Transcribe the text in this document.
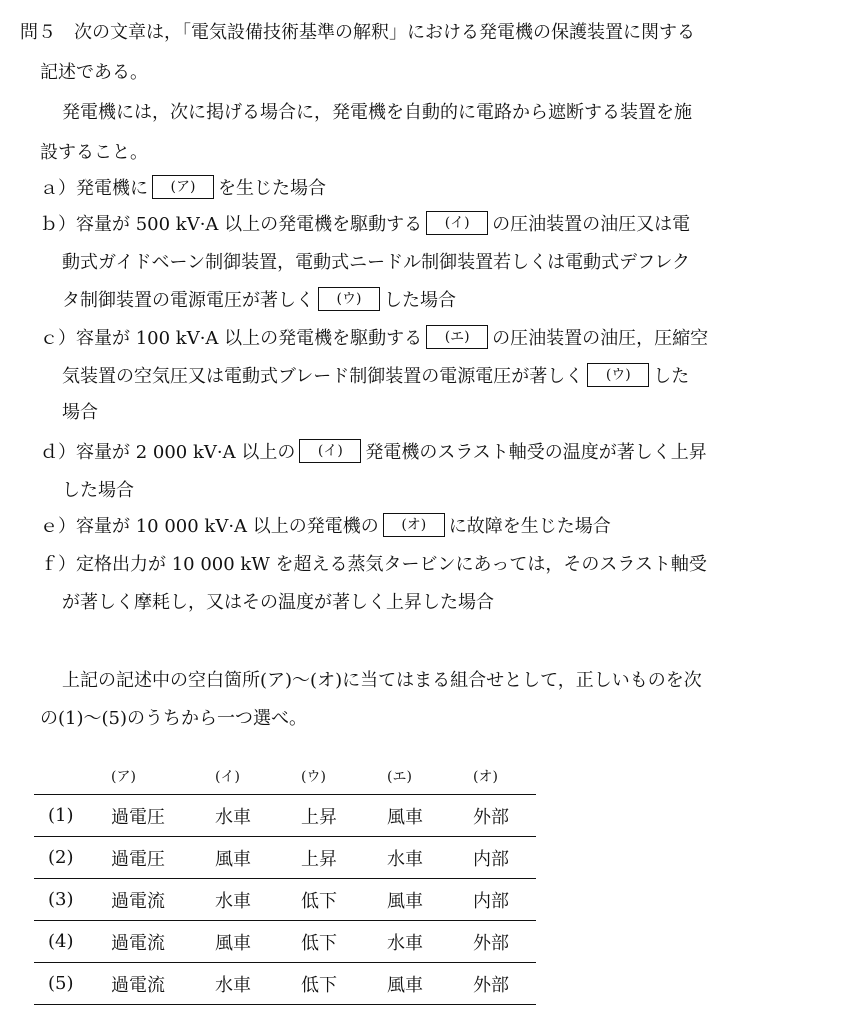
問５　次の文章は，「電気設備技術基準の解釈」における発電機の保護装置に関する
記述である。
発電機には，次に掲げる場合に，発電機を自動的に電路から遮断する装置を施
設すること。
ａ）発電機に (ア) を生じた場合
ｂ）容量が 500 kV·A 以上の発電機を駆動する (イ) の圧油装置の油圧又は電
動式ガイドベーン制御装置，電動式ニードル制御装置若しくは電動式デフレク
タ制御装置の電源電圧が著しく (ウ) した場合
ｃ）容量が 100 kV·A 以上の発電機を駆動する (エ) の圧油装置の油圧，圧縮空
気装置の空気圧又は電動式ブレード制御装置の電源電圧が著しく (ウ) した
場合
ｄ）容量が 2 000 kV·A 以上の (イ) 発電機のスラスト軸受の温度が著しく上昇
した場合
ｅ）容量が 10 000 kV·A 以上の発電機の (オ) に故障を生じた場合
ｆ）定格出力が 10 000 kW を超える蒸気タービンにあっては，そのスラスト軸受
が著しく摩耗し，又はその温度が著しく上昇した場合
上記の記述中の空白箇所(ア)～(オ)に当てはまる組合せとして，正しいものを次
の(1)～(5)のうちから一つ選べ。
	(ア)	(イ)	(ウ)	(エ)	(オ)
(1)	過電圧	水車	上昇	風車	外部
(2)	過電圧	風車	上昇	水車	内部
(3)	過電流	水車	低下	風車	内部
(4)	過電流	風車	低下	水車	外部
(5)	過電流	水車	低下	風車	外部
